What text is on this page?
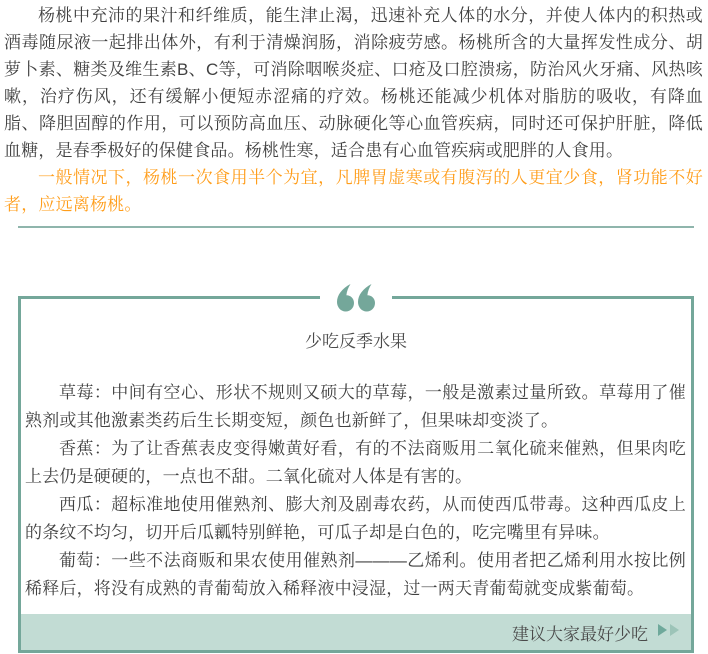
杨桃中充沛的果汁和纤维质，能生津止渴，迅速补充人体的水分，并使人体内的积热或酒毒随尿液一起排出体外，有利于清燥润肠，消除疲劳感。杨桃所含的大量挥发性成分、胡萝卜素、糖类及维生素B、C等，可消除咽喉炎症、口疮及口腔溃疡，防治风火牙痛、风热咳嗽，治疗伤风，还有缓解小便短赤涩痛的疗效。杨桃还能减少机体对脂肪的吸收，有降血脂、降胆固醇的作用，可以预防高血压、动脉硬化等心血管疾病，同时还可保护肝脏，降低血糖，是春季极好的保健食品。杨桃性寒，适合患有心血管疾病或肥胖的人食用。

一般情况下，杨桃一次食用半个为宜，凡脾胃虚寒或有腹泻的人更宜少食，肾功能不好者，应远离杨桃。

少吃反季水果

草莓：中间有空心、形状不规则又硕大的草莓，一般是激素过量所致。草莓用了催熟剂或其他激素类药后生长期变短，颜色也新鲜了，但果味却变淡了。

香蕉：为了让香蕉表皮变得嫩黄好看，有的不法商贩用二氧化硫来催熟，但果肉吃上去仍是硬硬的，一点也不甜。二氧化硫对人体是有害的。

西瓜：超标准地使用催熟剂、膨大剂及剧毒农药，从而使西瓜带毒。这种西瓜皮上的条纹不均匀，切开后瓜瓤特别鲜艳，可瓜子却是白色的，吃完嘴里有异味。

葡萄：一些不法商贩和果农使用催熟剂———乙烯利。使用者把乙烯利用水按比例稀释后，将没有成熟的青葡萄放入稀释液中浸湿，过一两天青葡萄就变成紫葡萄。

建议大家最好少吃
